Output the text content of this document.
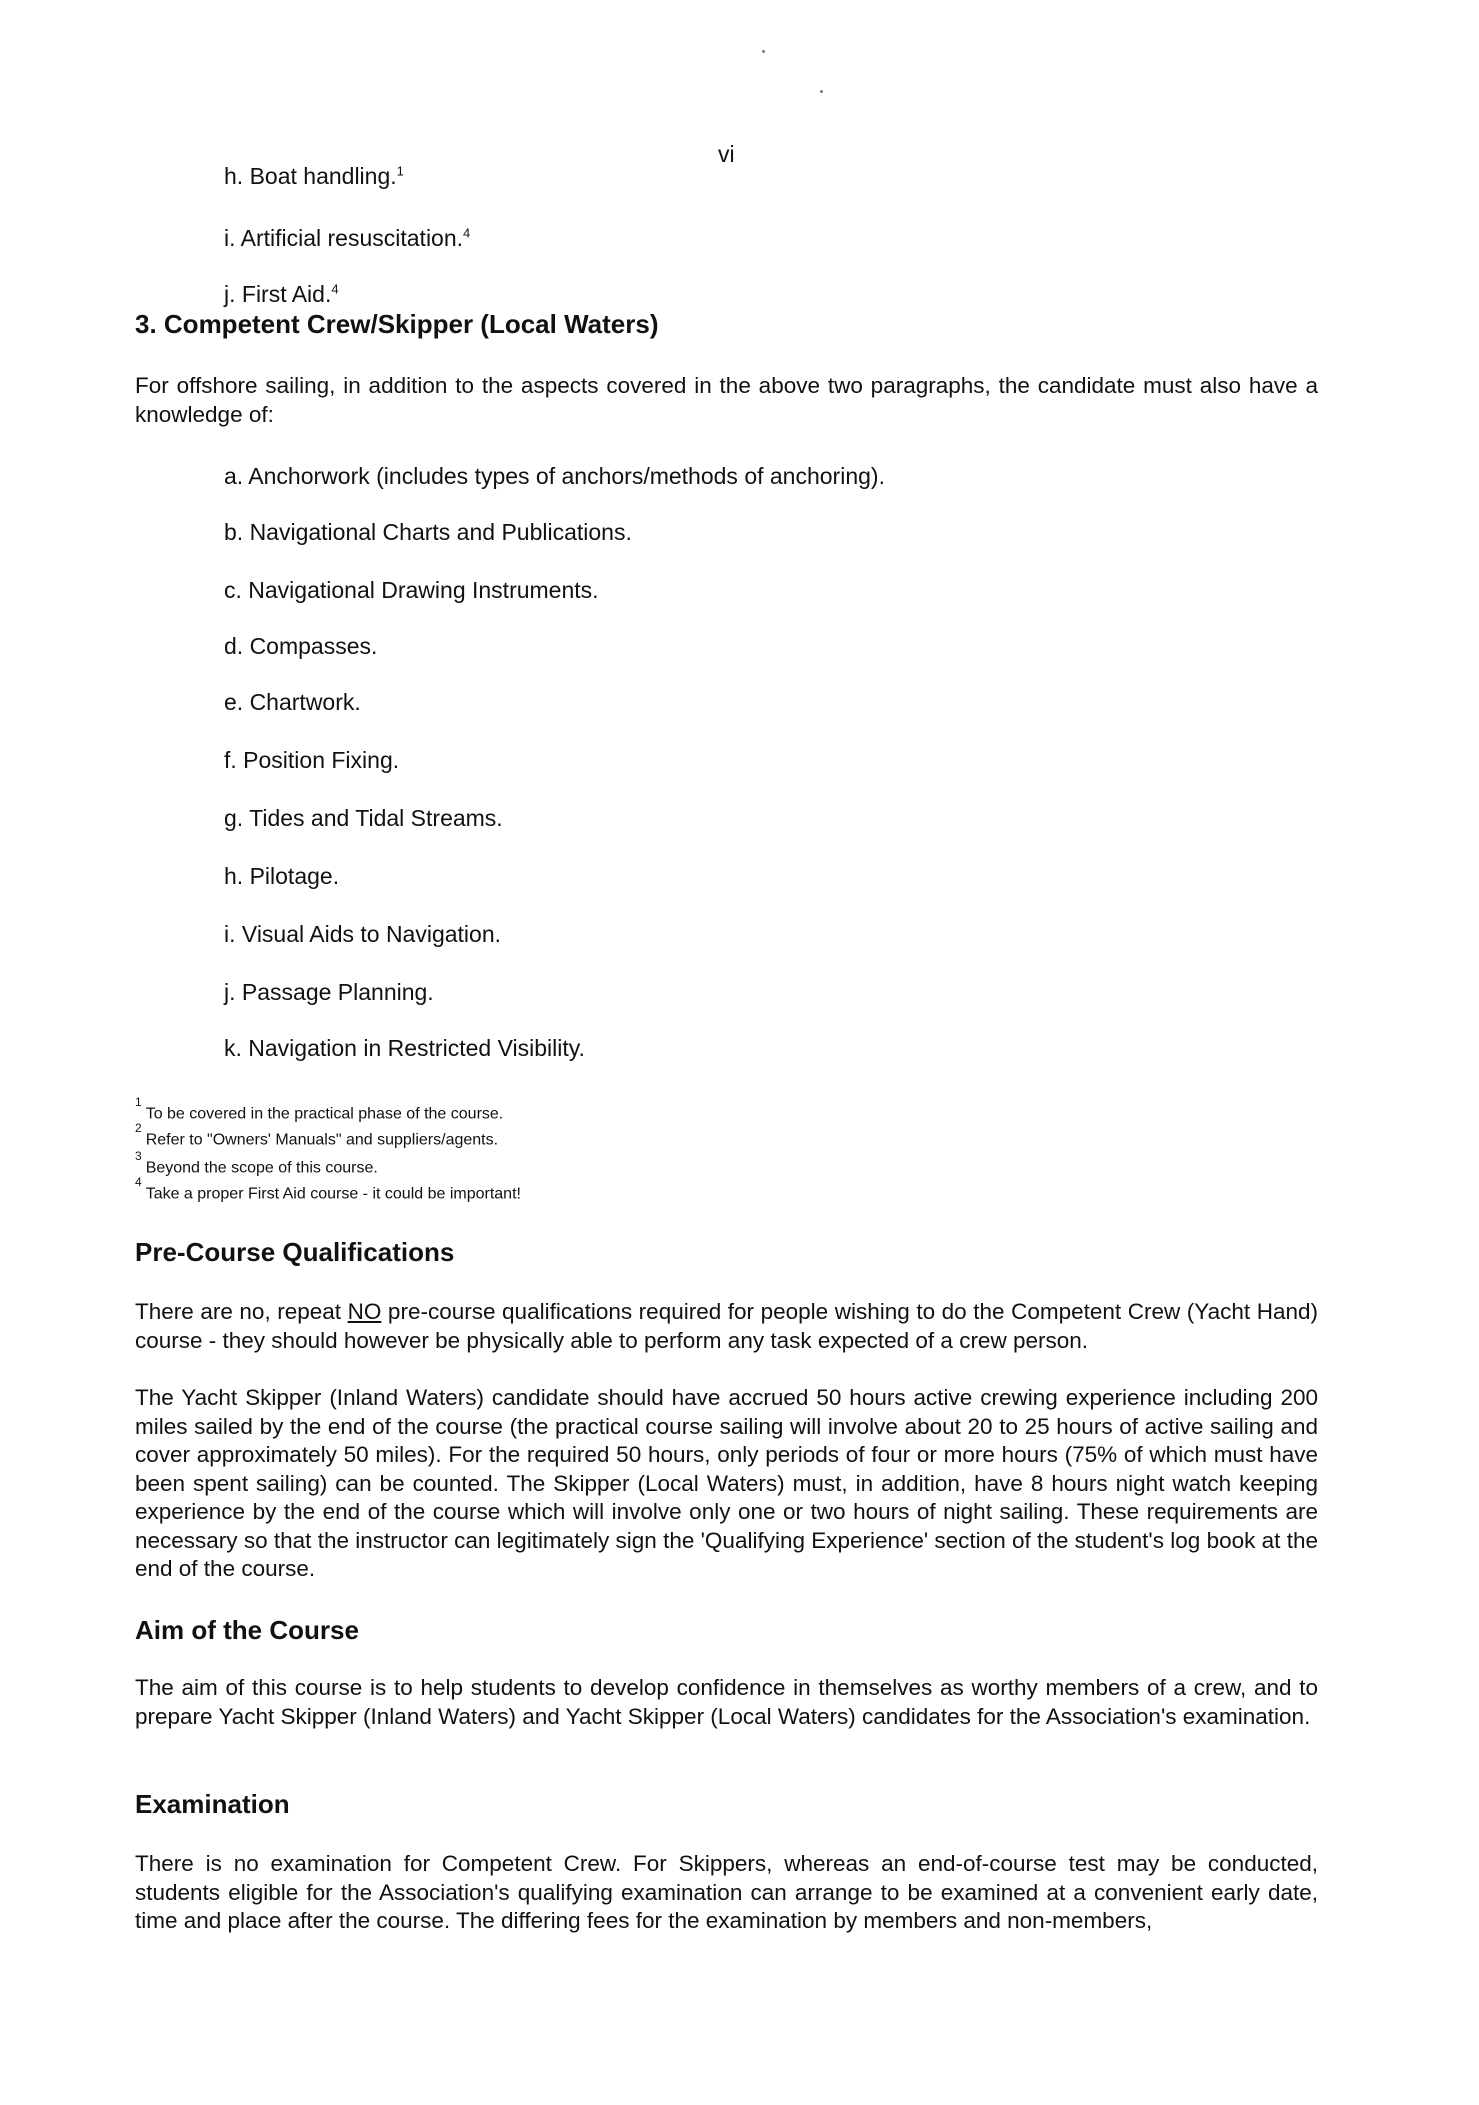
vi
h. Boat handling.$^1$
i. Artificial resuscitation.$^4$
j. First Aid.$^4$
3. Competent Crew/Skipper (Local Waters)

For offshore sailing, in addition to the aspects covered in the above two paragraphs, the candidate must also have a knowledge of:

a. Anchorwork (includes types of anchors/methods of anchoring).
b. Navigational Charts and Publications.
c. Navigational Drawing Instruments.
d. Compasses.
e. Chartwork.
f. Position Fixing.
g. Tides and Tidal Streams.
h. Pilotage.
i. Visual Aids to Navigation.
j. Passage Planning.
k. Navigation in Restricted Visibility.
$^1$To be covered in the practical phase of the course.
$^2$Refer to "Owners' Manuals" and suppliers/agents.
$^3$Beyond the scope of this course.
$^4$Take a proper First Aid course - it could be important!
Pre-Course Qualifications

There are no, repeat NO pre-course qualifications required for people wishing to do the Competent Crew (Yacht Hand) course - they should however be physically able to perform any task expected of a crew person.

The Yacht Skipper (Inland Waters) candidate should have accrued 50 hours active crewing experience including 200 miles sailed by the end of the course (the practical course sailing will involve about 20 to 25 hours of active sailing and cover approximately 50 miles). For the required 50 hours, only periods of four or more hours (75% of which must have been spent sailing) can be counted. The Skipper (Local Waters) must, in addition, have 8 hours night watch keeping experience by the end of the course which will involve only one or two hours of night sailing. These requirements are necessary so that the instructor can legitimately sign the 'Qualifying Experience' section of the student's log book at the end of the course.

Aim of the Course

The aim of this course is to help students to develop confidence in themselves as worthy members of a crew, and to prepare Yacht Skipper (Inland Waters) and Yacht Skipper (Local Waters) candidates for the Association's examination.

Examination

There is no examination for Competent Crew. For Skippers, whereas an end-of-course test may be conducted, students eligible for the Association's qualifying examination can arrange to be examined at a convenient early date, time and place after the course. The differing fees for the examination by members and non-members,
